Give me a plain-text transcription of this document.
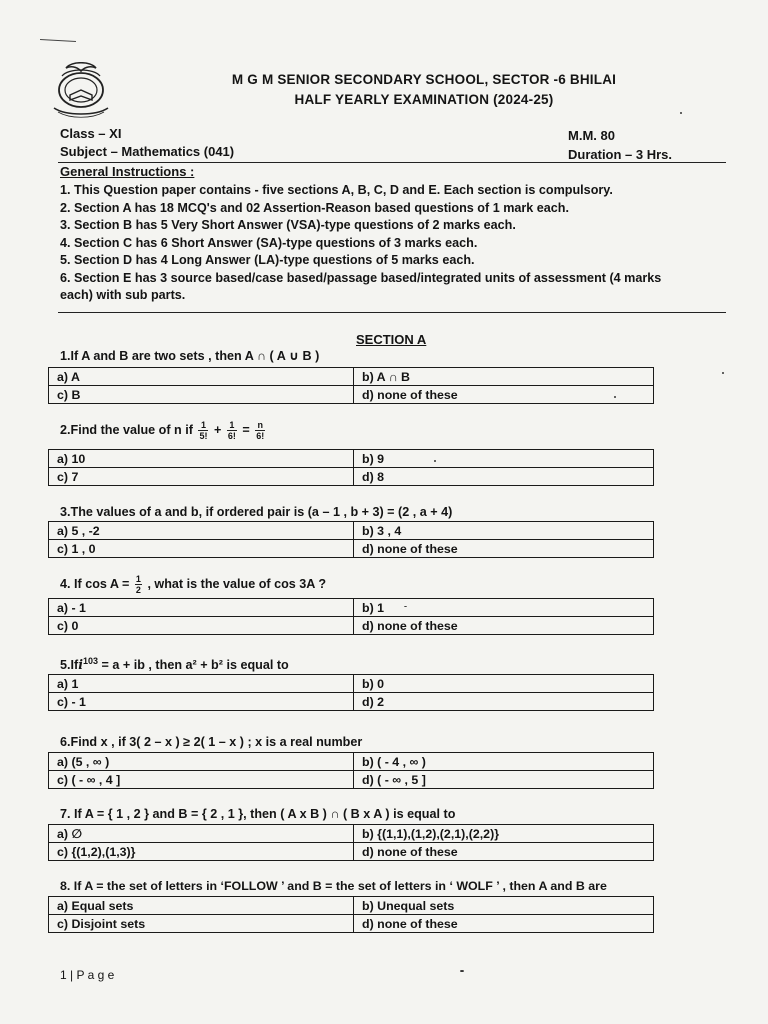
M G M SENIOR SECONDARY SCHOOL, SECTOR -6 BHILAI
HALF YEARLY EXAMINATION (2024-25)
Class – XI
Subject – Mathematics (041)
M.M. 80
Duration – 3 Hrs.
General Instructions :
1. This Question paper contains - five sections A, B, C, D and E. Each section is compulsory.
2. Section A has 18 MCQ's and 02 Assertion-Reason based questions of 1 mark each.
3. Section B has 5 Very Short Answer (VSA)-type questions of 2 marks each.
4. Section C has 6 Short Answer (SA)-type questions of 3 marks each.
5. Section D has 4 Long Answer (LA)-type questions of 5 marks each.
6. Section E has 3 source based/case based/passage based/integrated units of assessment (4 marks
each) with sub parts.
SECTION A
1.If A and B are two sets , then A ∩ ( A ∪ B )
a) A	b) A ∩ B
c) B	d) none of these
2.Find the value of n if $\frac{1}{5!} + \frac{1}{6!} = \frac{n}{6!}$
a) 10	b) 9
c) 7	d) 8
3.The values of a and b, if ordered pair is (a – 1 , b + 3) = (2 , a + 4)
a) 5 , -2	b) 3 , 4
c) 1 , 0	d) none of these
4. If $\cos A = \frac{1}{2}$ , what is the value of cos 3A ?
a) - 1	b) 1
c) 0	d) none of these
5.Ifi$^{103}$ = a + ib , then a² + b² is equal to
a) 1	b) 0
c) - 1	d) 2
6.Find x , if 3( 2 – x ) ≥ 2( 1 – x ) ; x is a real number
a) (5 , ∞ )	b) ( - 4 , ∞ )
c) ( - ∞ , 4 ]	d) ( - ∞ , 5 ]
7. If A = { 1 , 2 } and B = { 2 , 1 }, then ( A x B ) ∩ ( B x A ) is equal to
a) ∅	b) {(1,1),(1,2),(2,1),(2,2)}
c) {(1,2),(1,3)}	d) none of these
8. If A = the set of letters in ‘FOLLOW ’ and B = the set of letters in ‘ WOLF ’ , then A and B are
a) Equal sets	b) Unequal sets
c) Disjoint sets	d) none of these
1 | P a g e
